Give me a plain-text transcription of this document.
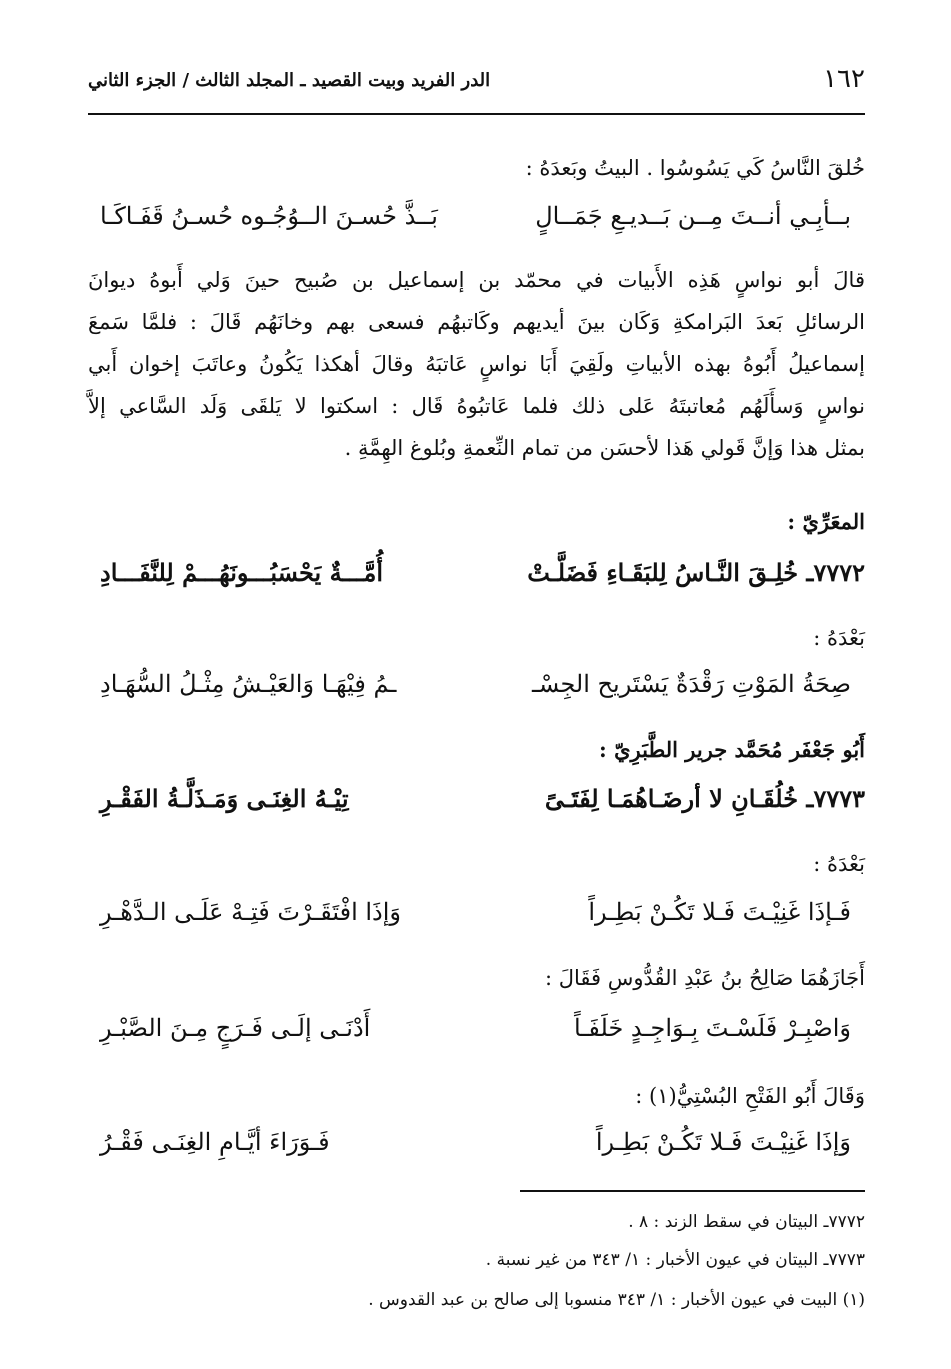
١٦٢
الدر الفريد وبيت القصيد ـ المجلد الثالث / الجزء الثاني
خُلقَ النَّاسُ كَي يَسُوسُوا . البيتُ وبَعدَهُ :
بــأبِـي أنــتَ مِــن بَــديـعِ جَمَــالٍ
بَــذَّ حُسـنَ الــوُجُـوه حُسـنُ قَفَـاكَـا
قالَ أبو نواسٍ هَذِه الأَبيات في محمّد بن إسماعيل بن صُبيح حينَ وَلي أَبوهُ ديوانَ
الرسائلِ بَعدَ البَرامكةِ وَكَان بينَ أيديهم وكَاتبهُم فسعى بهم وخانَهُم قَالَ : فلمَّا سَمعَ
إسماعيلُ أَبُوهُ بهذه الأبياتِ ولَقِيَ أَبَا نواسٍ عَاتبَهُ وقالَ أهكذا يَكُونُ وعاتَبَ إخوان أَبي
نواسٍ وَسأَلَهُم مُعاتبتَهُ عَلى ذلك فلما عَاتبُوهُ قَال : اسكتوا لا يَلقَى وَلَد السَّاعي إلاَّ
بمثل هذا وَإنَّ قَولي هَذا لأحسَن من تمام النِّعمةِ وبُلوغ الهِمَّةِ .
المعَرِّيّ :
٧٧٧٢ـ خُلِـقَ النَّـاسُ لِلبَقَـاءِ فَضَلَّـتْ
أُمَّـــةٌ يَحْسَبُـــونَهُـــمْ لِلنَّفَـــادِ
بَعْدَهُ :
صِحَةُ المَوْتِ رَقْدَةٌ يَسْتَريح الجِسْـ
ـمُ فِيْهَـا وَالعَيْـشُ مِثْـلُ السُّهَـادِ
أَبُو جَعْفَر مُحَمَّد جرير الطَّبَرِيّ :
٧٧٧٣ـ خُلُقَـانِ لا أرضَـاهُمَـا لِفَتَـىً
تِيْـهُ الغِنَـى وَمَـذَلَّـةُ الفَقْـرِ
بَعْدَهُ :
فَـإذَا غَنِيْـتَ فَـلا تَكُـنْ بَطِـراً
وَإذَا افْتَقَـرْتَ فَتِـهْ عَلَـى الـدَّهْـرِ
أَجَازَهُمَا صَالِحُ بنُ عَبْدِ القُدُّوسِ فَقَالَ :
وَاصْبِـرْ فَلَسْـتَ بِـوَاجِـدٍ خَلَفَـاً
أَدْنَـى إلَـى فَـرَجٍ مِـنَ الصَّبْـرِ
وَقَالَ أَبُو الفَتْحِ البُسْتِيُّ(١) :
وَإذَا غَنِيْـتَ فَـلا تَكُـنْ بَطِـراً
فَـوَرَاءَ أيَّـامِ الغِنَـى فَقْـرُ
٧٧٧٢ـ البيتان في سقط الزند : ٨ .
٧٧٧٣ـ البيتان في عيون الأخبار : ١/ ٣٤٣ من غير نسبة .
(١) البيت في عيون الأخبار : ١/ ٣٤٣ منسوبا إلى صالح بن عبد القدوس .
